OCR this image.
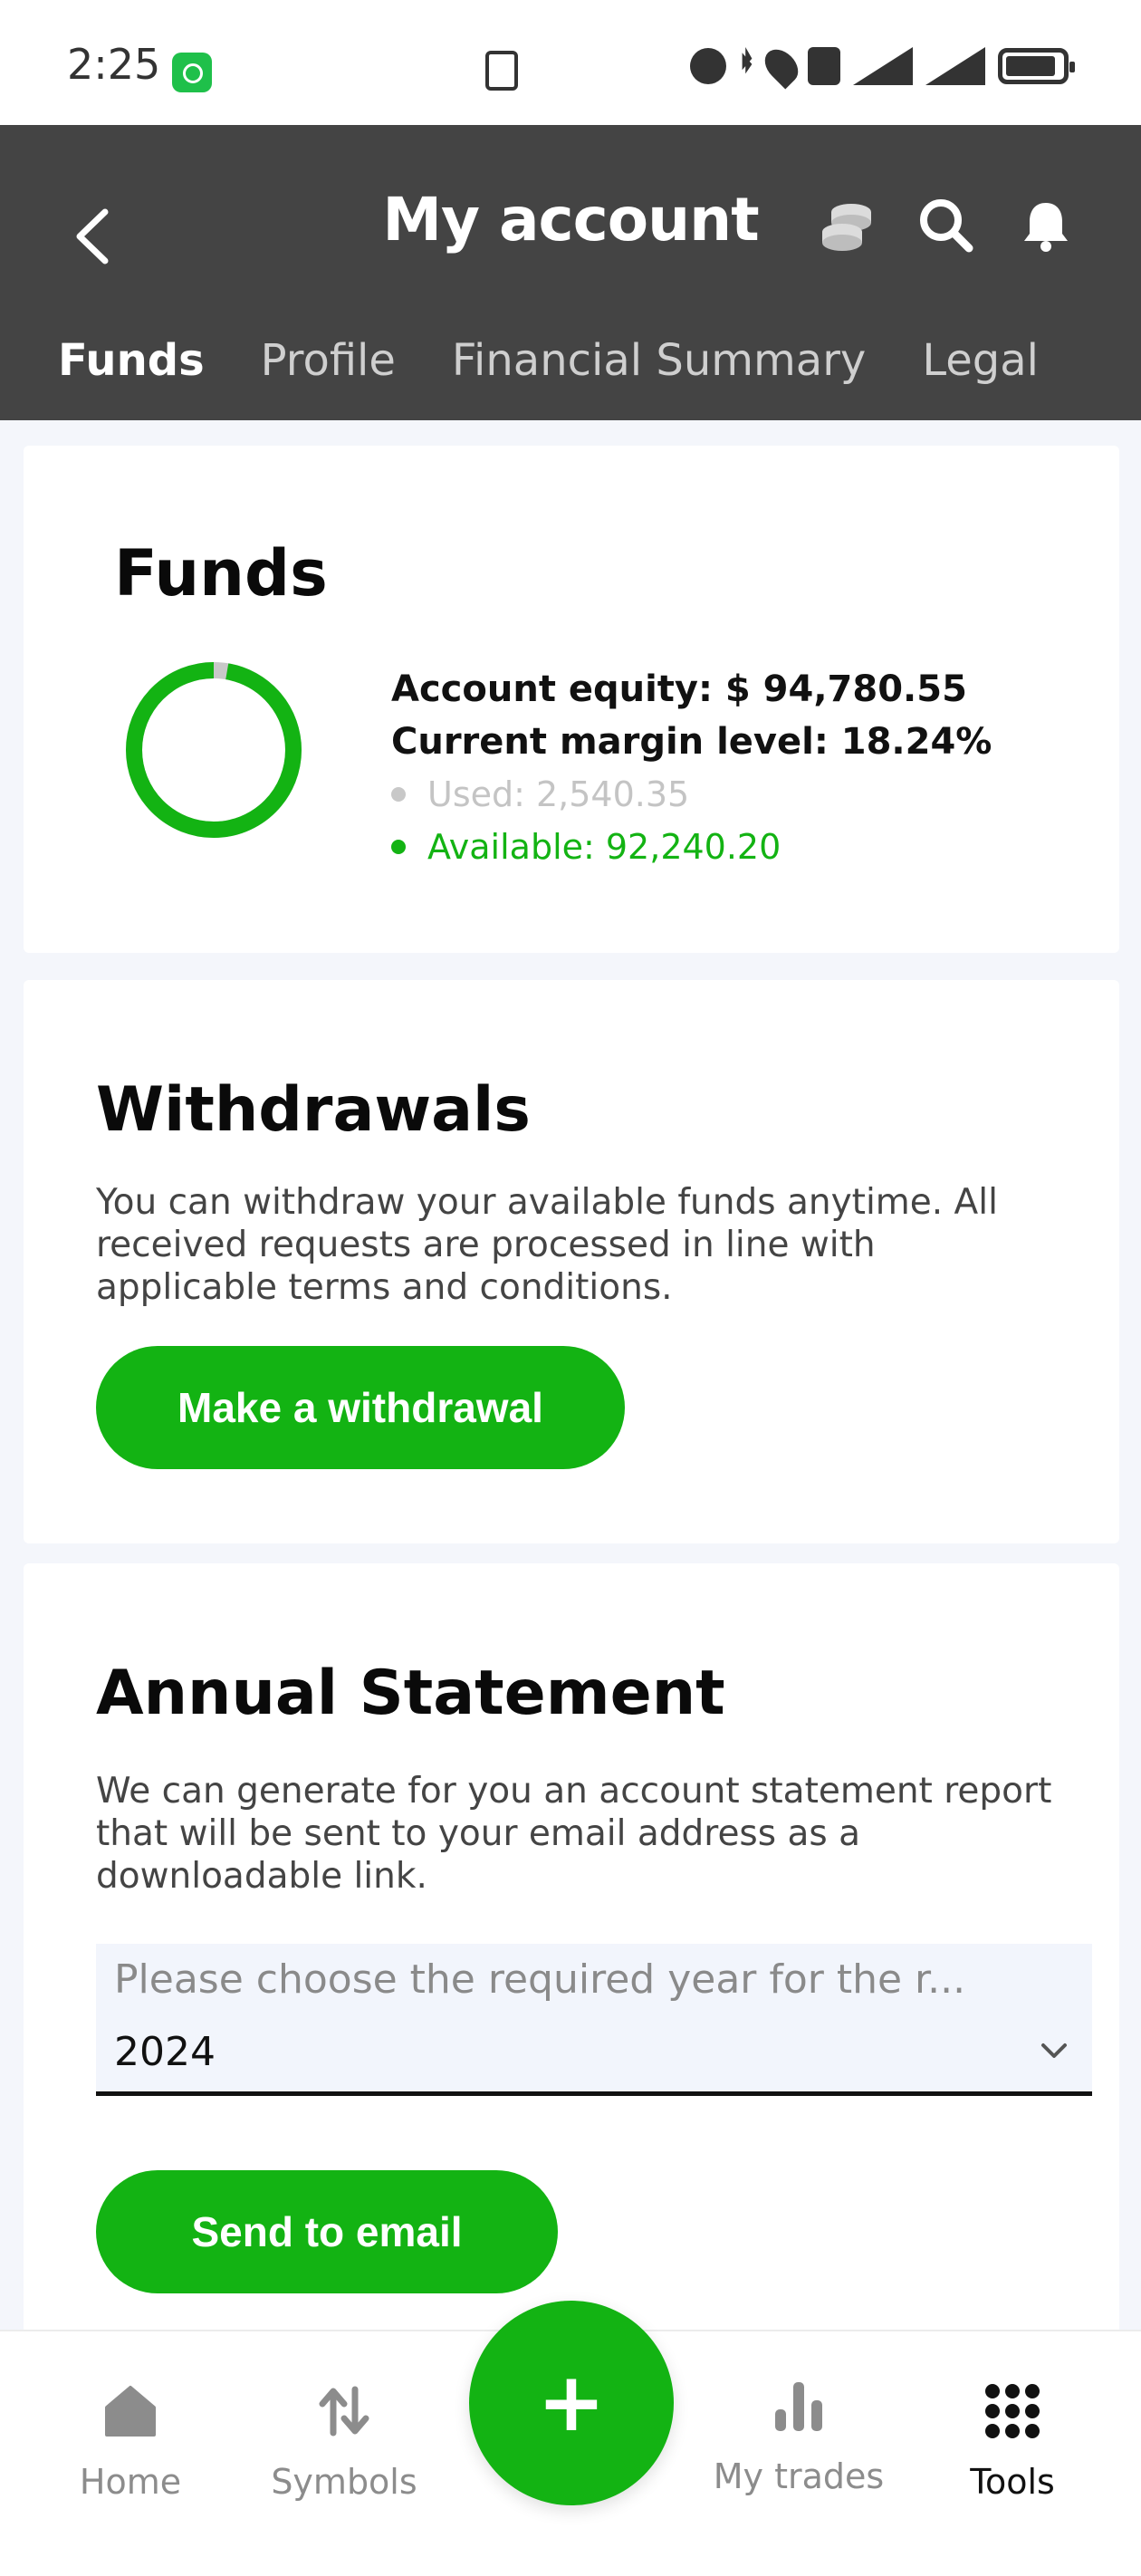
2:25
My account
Funds Profile Financial Summary Legal
Funds
Account equity: $ 94,780.55
Current margin level: 18.24%
Used: 2,540.35
Available: 92,240.20
Withdrawals
You can withdraw your available funds anytime. All received requests are processed in line with applicable terms and conditions.
Make a withdrawal
Annual Statement
We can generate for you an account statement report that will be sent to your email address as a downloadable link.
Please choose the required year for the r...
2024
Send to email
Home	Symbols	My trades	Tools
+
